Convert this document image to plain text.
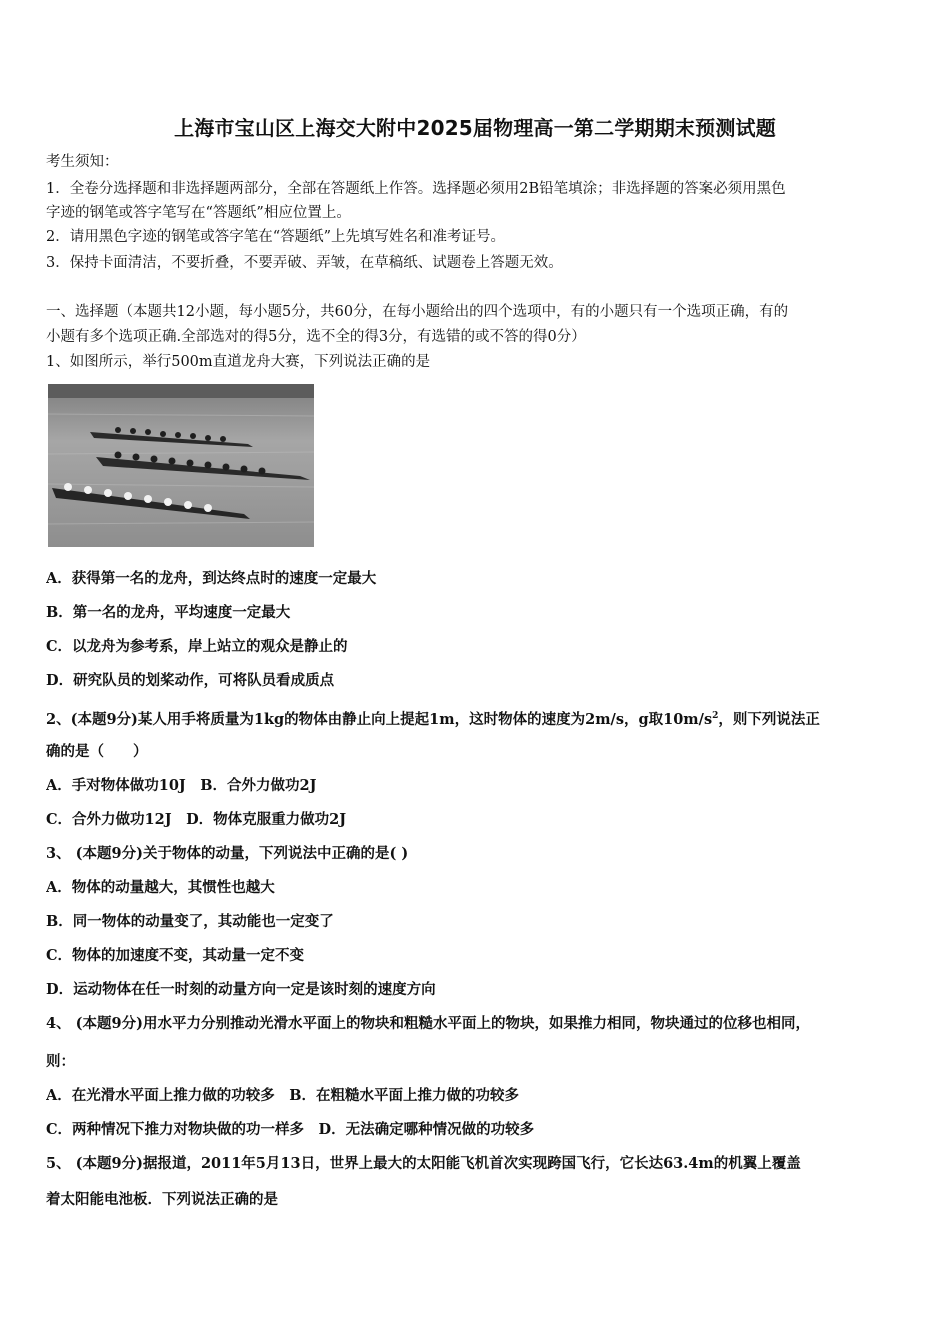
上海市宝山区上海交大附中2025届物理高一第二学期期末预测试题
考生须知：
1．全卷分选择题和非选择题两部分，全部在答题纸上作答。选择题必须用2B铅笔填涂；非选择题的答案必须用黑色
字迹的钢笔或答字笔写在“答题纸”相应位置上。
2．请用黑色字迹的钢笔或答字笔在“答题纸”上先填写姓名和准考证号。
3．保持卡面清洁，不要折叠，不要弄破、弄皱，在草稿纸、试题卷上答题无效。
一、选择题（本题共12小题，每小题5分，共60分，在每小题给出的四个选项中，有的小题只有一个选项正确，有的
小题有多个选项正确.全部选对的得5分，选不全的得3分，有选错的或不答的得0分）
1、如图所示，举行500m直道龙舟大赛，下列说法正确的是
A．获得第一名的龙舟，到达终点时的速度一定最大
B．第一名的龙舟，平均速度一定最大
C．以龙舟为参考系，岸上站立的观众是静止的
D．研究队员的划桨动作，可将队员看成质点
2、(本题9分)某人用手将质量为1kg的物体由静止向上提起1m，这时物体的速度为2m/s，g取$10m/s^2$，则下列说法正
确的是（　　）
A．手对物体做功10J　B．合外力做功2J
C．合外力做功12J　D．物体克服重力做功2J
3、 (本题9分)关于物体的动量，下列说法中正确的是( )
A．物体的动量越大，其惯性也越大
B．同一物体的动量变了，其动能也一定变了
C．物体的加速度不变，其动量一定不变
D．运动物体在任一时刻的动量方向一定是该时刻的速度方向
4、 (本题9分)用水平力分别推动光滑水平面上的物块和粗糙水平面上的物块，如果推力相同，物块通过的位移也相同，
则：
A．在光滑水平面上推力做的功较多　B．在粗糙水平面上推力做的功较多
C．两种情况下推力对物块做的功一样多　D．无法确定哪种情况做的功较多
5、 (本题9分)据报道，2011年5月13日，世界上最大的太阳能飞机首次实现跨国飞行，它长达63.4m的机翼上覆盖
着太阳能电池板．下列说法正确的是
